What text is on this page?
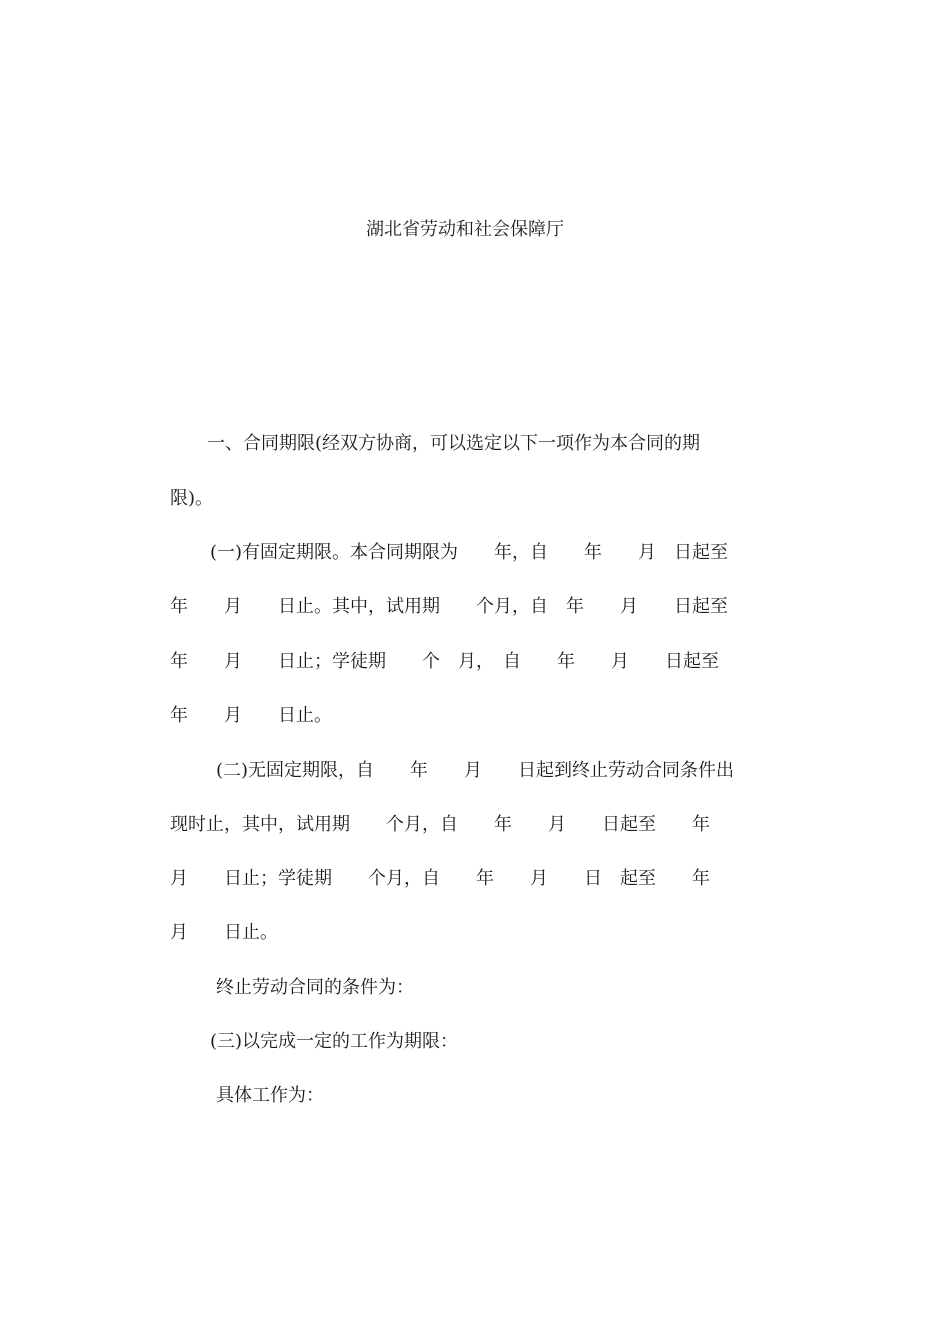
湖北省劳动和社会保障厅
一、合同期限(经双方协商，可以选定以下一项作为本合同的期
限)。
(一)有固定期限。本合同期限为　　年，自　　年　　月　日起至
年　　月　　日止。其中，试用期　　个月，自　年　　月　　日起至
年　　月　　日止；学徒期　　个　月，　自　　年　　月　　日起至
年　　月　　日止。
(二)无固定期限，自　　年　　月　　日起到终止劳动合同条件出
现时止，其中，试用期　　个月，自　　年　　月　　日起至　　年
月　　日止；学徒期　　个月，自　　年　　月　　日　起至　　年
月　　日止。
终止劳动合同的条件为：
(三)以完成一定的工作为期限：
具体工作为：
